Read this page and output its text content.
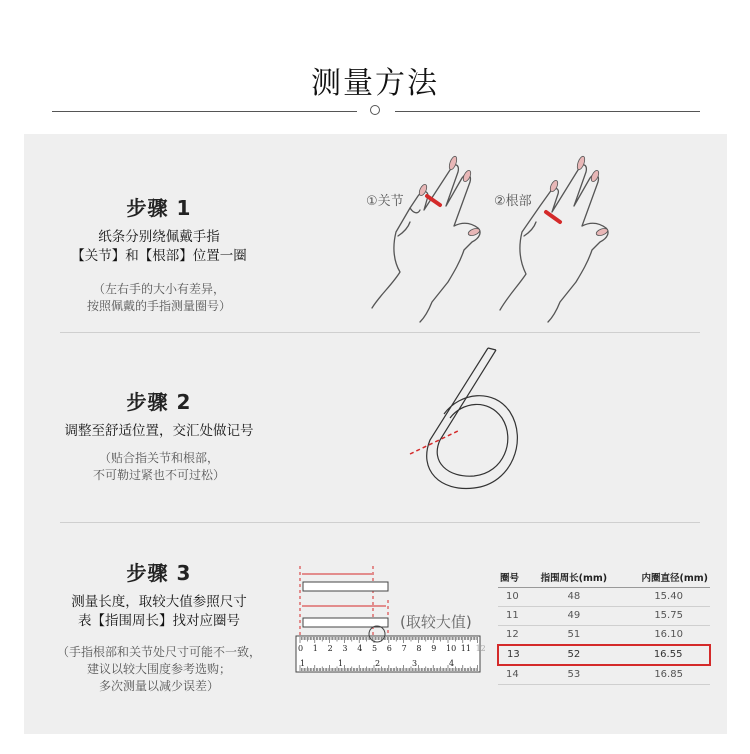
测量方法
步骤 1
纸条分别绕佩戴手指
【关节】和【根部】位置一圈
（左右手的大小有差异，
按照佩戴的手指测量圈号）
①关节	②根部
步骤 2
调整至舒适位置，交汇处做记号
（贴合指关节和根部，
不可勒过紧也不可过松）
步骤 3
测量长度，取较大值参照尺寸
表【指围周长】找对应圈号
（手指根部和关节处尺寸可能不一致，
建议以较大围度参考选购；
多次测量以减少误差）
0 1 2 3 4 5 6 7 8 9 10 11 12
1	2	3	4
1
(取较大值)
圈号	指围周长(mm)	内圈直径(mm)
10	48	15.40
11	49	15.75
12	51	16.10
13	52	16.55
14	53	16.85
